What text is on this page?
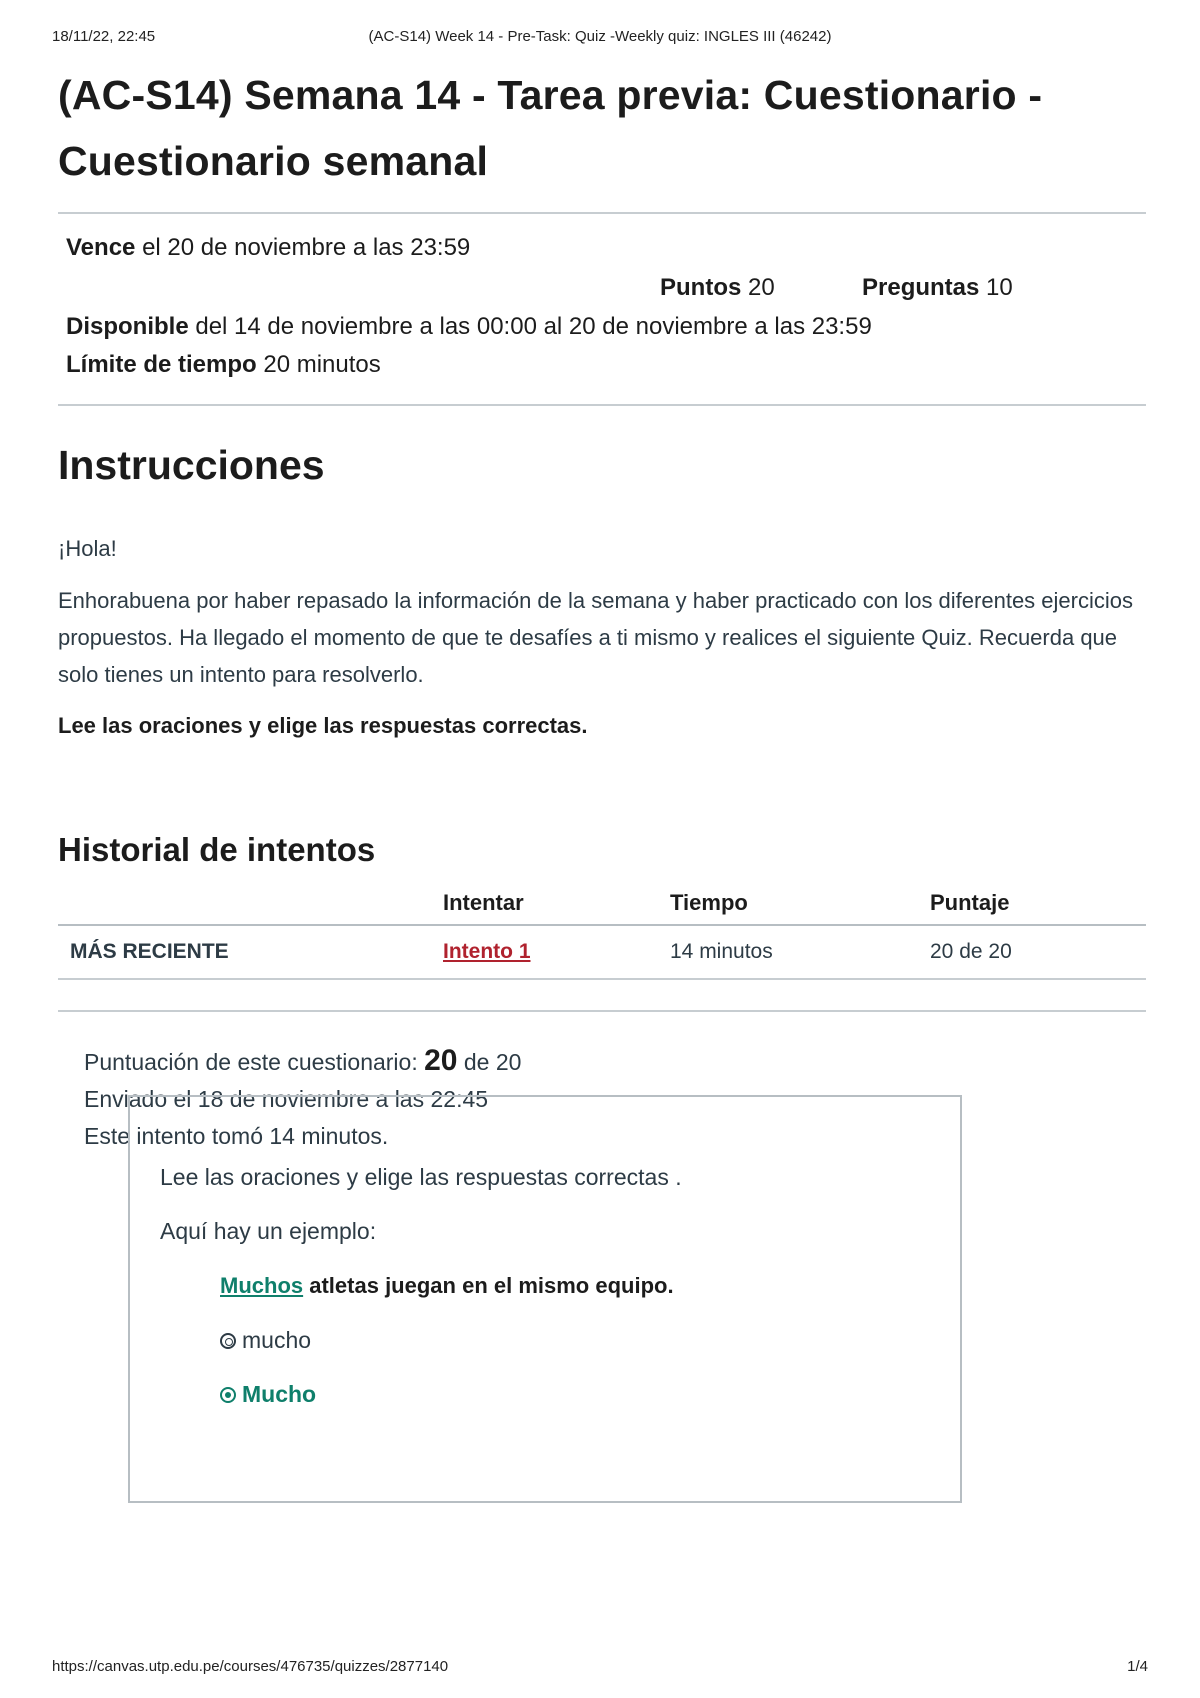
18/11/22, 22:45	(AC-S14) Week 14 - Pre-Task: Quiz -Weekly quiz: INGLES III (46242)
(AC-S14) Semana 14 - Tarea previa: Cuestionario -
Cuestionario semanal
Vence el 20 de noviembre a las 23:59
Puntos 20	Preguntas 10
Disponible del 14 de noviembre a las 00:00 al 20 de noviembre a las 23:59
Límite de tiempo 20 minutos
Instrucciones

¡Hola!

Enhorabuena por haber repasado la información de la semana y haber practicado con los diferentes ejercicios propuestos. Ha llegado el momento de que te desafíes a ti mismo y realices el siguiente Quiz. Recuerda que solo tienes un intento para resolverlo.

Lee las oraciones y elige las respuestas correctas.

Historial de intentos
	Intentar	Tiempo	Puntaje
MÁS RECIENTE	Intento 1	14 minutos	20 de 20
Puntuación de este cuestionario: 20 de 20
Enviado el 18 de noviembre a las 22:45
Este intento tomó 14 minutos.

Lee las oraciones y elige las respuestas correctas .

Aquí hay un ejemplo:

Muchos atletas juegan en el mismo equipo.

mucho

Mucho

https://canvas.utp.edu.pe/courses/476735/quizzes/2877140	1/4
